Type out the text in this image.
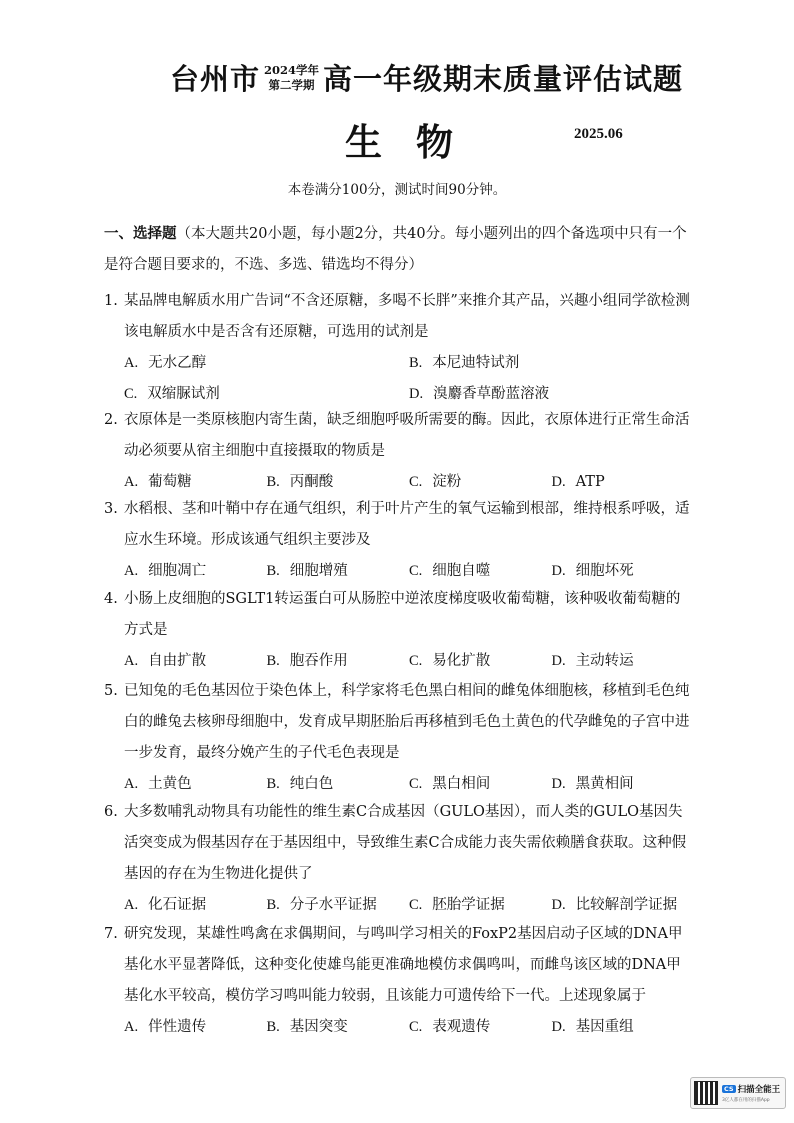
台州市 2024学年
第二学期 高一年级期末质量评估试题
生物	2025.06
本卷满分100分，测试时间90分钟。
一、选择题（本大题共20小题，每小题2分，共40分。每小题列出的四个备选项中只有一个是符合题目要求的，不选、多选、错选均不得分）
1. 某品牌电解质水用广告词“不含还原糖，多喝不长胖”来推介其产品，兴趣小组同学欲检测该电解质水中是否含有还原糖，可选用的试剂是
A. 无水乙醇	B. 本尼迪特试剂
C. 双缩脲试剂	D. 溴麝香草酚蓝溶液
2. 衣原体是一类原核胞内寄生菌，缺乏细胞呼吸所需要的酶。因此，衣原体进行正常生命活动必须要从宿主细胞中直接摄取的物质是
A. 葡萄糖	B. 丙酮酸	C. 淀粉	D. ATP
3. 水稻根、茎和叶鞘中存在通气组织，利于叶片产生的氧气运输到根部，维持根系呼吸，适应水生环境。形成该通气组织主要涉及
A. 细胞凋亡	B. 细胞增殖	C. 细胞自噬	D. 细胞坏死
4. 小肠上皮细胞的SGLT1转运蛋白可从肠腔中逆浓度梯度吸收葡萄糖，该种吸收葡萄糖的方式是
A. 自由扩散	B. 胞吞作用	C. 易化扩散	D. 主动转运
5. 已知兔的毛色基因位于染色体上，科学家将毛色黑白相间的雌兔体细胞核，移植到毛色纯白的雌兔去核卵母细胞中，发育成早期胚胎后再移植到毛色土黄色的代孕雌兔的子宫中进一步发育，最终分娩产生的子代毛色表现是
A. 土黄色	B. 纯白色	C. 黑白相间	D. 黑黄相间
6. 大多数哺乳动物具有功能性的维生素C合成基因（GULO基因），而人类的GULO基因失活突变成为假基因存在于基因组中，导致维生素C合成能力丧失需依赖膳食获取。这种假基因的存在为生物进化提供了
A. 化石证据	B. 分子水平证据	C. 胚胎学证据	D. 比较解剖学证据
7. 研究发现，某雄性鸣禽在求偶期间，与鸣叫学习相关的FoxP2基因启动子区域的DNA甲基化水平显著降低，这种变化使雄鸟能更准确地模仿求偶鸣叫，而雌鸟该区域的DNA甲基化水平较高，模仿学习鸣叫能力较弱，且该能力可遗传给下一代。上述现象属于
A. 伴性遗传	B. 基因突变	C. 表观遗传	D. 基因重组
CS 扫描全能王
3亿人都在用的扫描App
